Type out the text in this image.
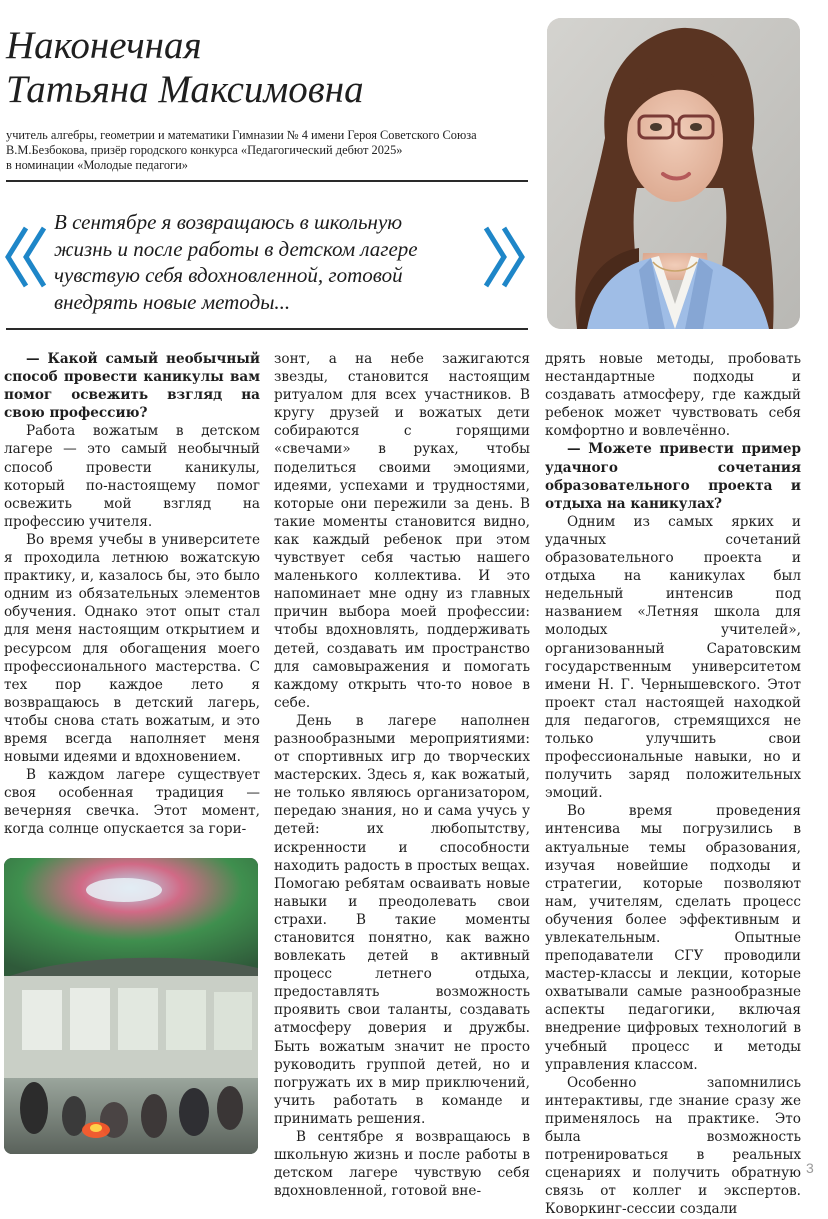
Наконечная
Татьяна Максимовна
учитель алгебры, геометрии и математики Гимназии № 4 имени Героя Советского Союза
В.М.Безбокова, призёр городского конкурса «Педагогический дебют 2025»
в номинации «Молодые педагоги»
В сентябре я возвращаюсь в школьную
жизнь и после работы в детском лагере
чувствую себя вдохновленной, готовой
внедрять новые методы...

— Какой самый необычный способ провести каникулы вам помог освежить взгляд на свою профессию?

Работа вожатым в детском лагере — это самый необычный способ провести каникулы, который по-настоящему помог освежить мой взгляд на профессию учителя.

Во время учебы в университете я проходила летнюю вожатскую практику, и, казалось бы, это было одним из обязательных элементов обучения. Однако этот опыт стал для меня настоящим открытием и ресурсом для обогащения моего профессионального мастерства. С тех пор каждое лето я возвращаюсь в детский лагерь, чтобы снова стать вожатым, и это время всегда наполняет меня новыми идеями и вдохновением.

В каждом лагере существует своя особенная традиция — вечерняя свечка. Этот момент, когда солнце опускается за гори-

зонт, а на небе зажигаются звезды, становится настоящим ритуалом для всех участников. В кругу друзей и вожатых дети собираются с горящими «свечами» в руках, чтобы поделиться своими эмоциями, идеями, успехами и трудностями, которые они пережили за день. В такие моменты становится видно, как каждый ребенок при этом чувствует себя частью нашего маленького коллектива. И это напоминает мне одну из главных причин выбора моей профессии: чтобы вдохновлять, поддерживать детей, создавать им пространство для самовыражения и помогать каждому открыть что-то новое в себе.

День в лагере наполнен разнообразными мероприятиями: от спортивных игр до творческих мастерских. Здесь я, как вожатый, не только являюсь организатором, передаю знания, но и сама учусь у детей: их любопытству, искренности и способности находить радость в простых вещах. Помогаю ребятам осваивать новые навыки и преодолевать свои страхи. В такие моменты становится понятно, как важно вовлекать детей в активный процесс летнего отдыха, предоставлять возможность проявить свои таланты, создавать атмосферу доверия и дружбы. Быть вожатым значит не просто руководить группой детей, но и погружать их в мир приключений, учить работать в команде и принимать решения.

В сентябре я возвращаюсь в школьную жизнь и после работы в детском лагере чувствую себя вдохновленной, готовой вне-

дрять новые методы, пробовать нестандартные подходы и создавать атмосферу, где каждый ребенок может чувствовать себя комфортно и вовлечённо.

— Можете привести пример удачного сочетания образовательного проекта и отдыха на каникулах?

Одним из самых ярких и удачных сочетаний образовательного проекта и отдыха на каникулах был недельный интенсив под названием «Летняя школа для молодых учителей», организованный Саратовским государственным университетом имени Н. Г. Чернышевского. Этот проект стал настоящей находкой для педагогов, стремящихся не только улучшить свои профессиональные навыки, но и получить заряд положительных эмоций.

Во время проведения интенсива мы погрузились в актуальные темы образования, изучая новейшие подходы и стратегии, которые позволяют нам, учителям, сделать процесс обучения более эффективным и увлекательным. Опытные преподаватели СГУ проводили мастер-классы и лекции, которые охватывали самые разнообразные аспекты педагогики, включая внедрение цифровых технологий в учебный процесс и методы управления классом.

Особенно запомнились интерактивы, где знание сразу же применялось на практике. Это была возможность потренироваться в реальных сценариях и получить обратную связь от коллег и экспертов. Коворкинг-сессии создали

3
